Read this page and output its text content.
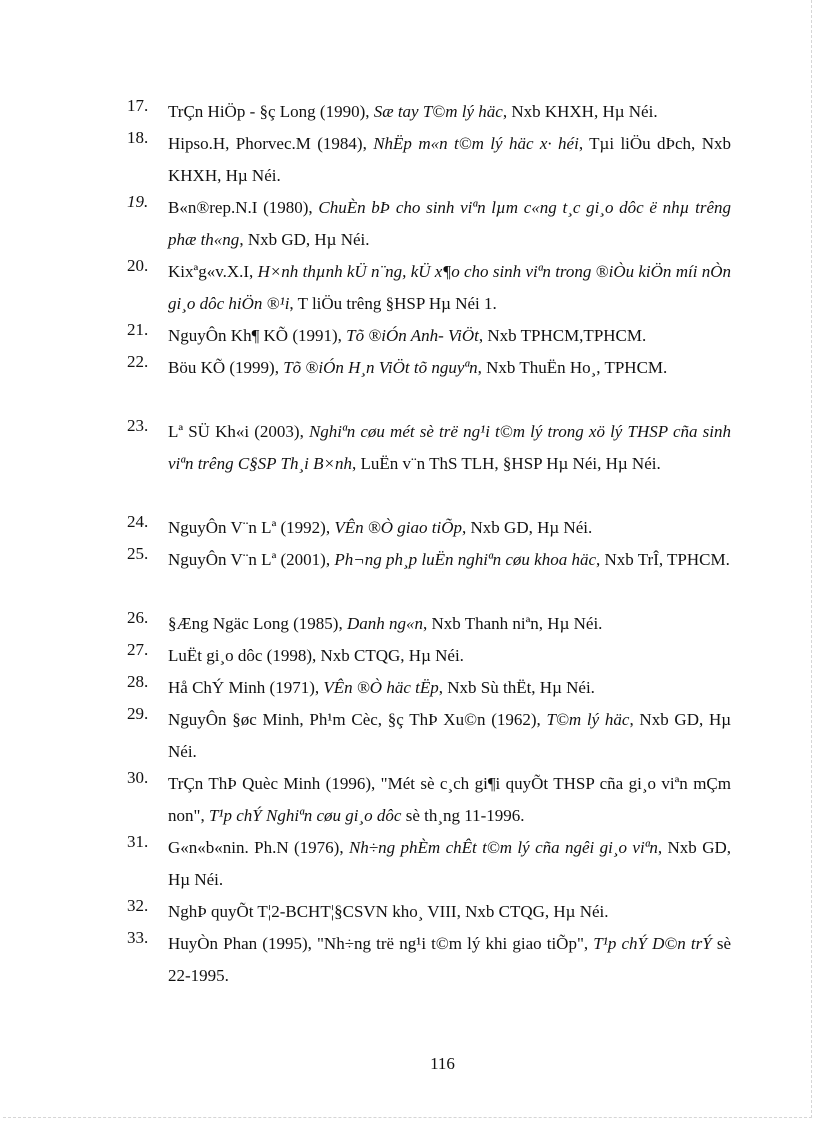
17.	TrÇn HiÖp - §ç Long (1990), Sæ tay T©m lý häc, Nxb KHXH, Hµ Néi.
18.	Hipso.H, Phorvec.M (1984), NhËp m«n t©m lý häc x· héi, Tµi liÖu dÞch, Nxb KHXH, Hµ Néi.
19.	B«n®rep.N.I (1980), ChuÈn bÞ cho sinh viªn lµm c«ng t¸c gi¸o dôc ë nhµ trêng phæ th«ng, Nxb GD, Hµ Néi.
20.	Kixªg«v.X.I, H×nh thµnh kÜ n¨ng, kÜ x¶o cho sinh viªn trong ®iÒu kiÖn míi nÒn gi¸o dôc hiÖn ®¹i, T liÖu trêng §HSP Hµ Néi 1.
21.	NguyÔn Kh¶ KÕ (1991), Tõ ®iÓn Anh- ViÖt, Nxb TPHCM,TPHCM.
22.	Böu KÕ (1999), Tõ ®iÓn H¸n ViÖt tõ nguyªn, Nxb ThuËn Ho¸, TPHCM.
23.	Lª SÜ Kh«i (2003), Nghiªn cøu mét sè trë ng¹i t©m lý trong xö lý THSP cña sinh viªn trêng C§SP Th¸i B×nh, LuËn v¨n ThS TLH, §HSP Hµ Néi, Hµ Néi.
24.	NguyÔn V¨n Lª (1992), VÊn ®Ò giao tiÕp, Nxb GD, Hµ Néi.
25.	NguyÔn V¨n Lª (2001), Ph¬ng ph¸p luËn nghiªn cøu khoa häc, Nxb TrÎ, TPHCM.
26.	§Æng Ngäc Long (1985), Danh ng«n, Nxb Thanh niªn, Hµ Néi.
27.	LuËt gi¸o dôc (1998), Nxb CTQG, Hµ Néi.
28.	Hå ChÝ Minh (1971), VÊn ®Ò häc tËp, Nxb Sù thËt, Hµ Néi.
29.	NguyÔn §øc Minh, Ph¹m Cèc, §ç ThÞ Xu©n (1962), T©m lý häc, Nxb GD, Hµ Néi.
30.	TrÇn ThÞ Quèc Minh (1996), "Mét sè c¸ch gi¶i quyÕt THSP cña gi¸o viªn mÇm non", T¹p chÝ Nghiªn cøu gi¸o dôc sè th¸ng 11-1996.
31.	G«n«b«nin. Ph.N (1976), Nh÷ng phÈm chÊt t©m lý cña ngêi gi¸o viªn, Nxb GD, Hµ Néi.
32.	NghÞ quyÕt T¦2-BCHT¦§CSVN kho¸ VIII, Nxb CTQG, Hµ Néi.
33.	HuyÒn Phan (1995), "Nh÷ng trë ng¹i t©m lý khi giao tiÕp", T¹p chÝ D©n trÝ sè 22-1995.
116
